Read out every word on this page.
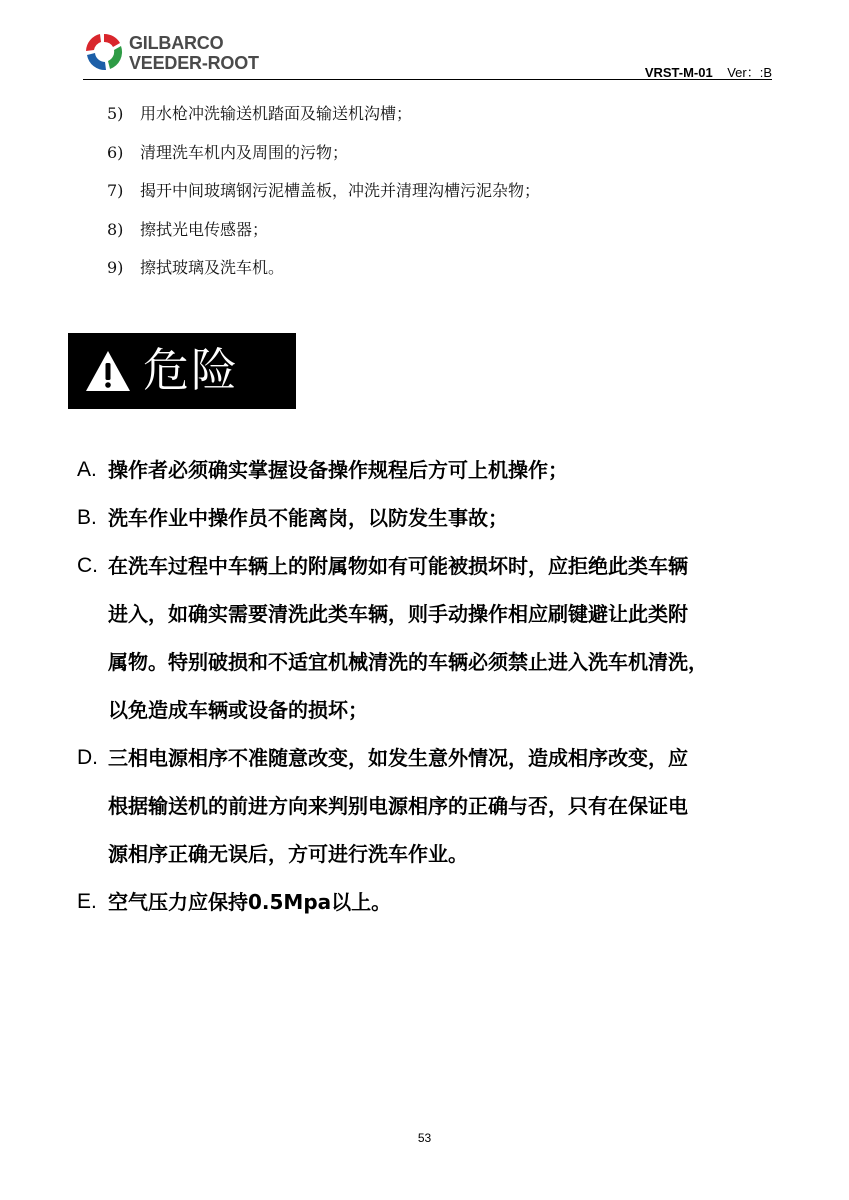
GILBARCO
VEEDER-ROOT	VRST-M-01 Ver：:B
5) 用水枪冲洗输送机踏面及输送机沟槽；
6) 清理洗车机内及周围的污物；
7) 揭开中间玻璃钢污泥槽盖板，冲洗并清理沟槽污泥杂物；
8) 擦拭光电传感器；
9) 擦拭玻璃及洗车机。
危险
A. 操作者必须确实掌握设备操作规程后方可上机操作；
B. 洗车作业中操作员不能离岗，以防发生事故；
C. 在洗车过程中车辆上的附属物如有可能被损坏时，应拒绝此类车辆
进入，如确实需要清洗此类车辆，则手动操作相应刷键避让此类附
属物。特别破损和不适宜机械清洗的车辆必须禁止进入洗车机清洗，
以免造成车辆或设备的损坏；
D. 三相电源相序不准随意改变，如发生意外情况，造成相序改变，应
根据输送机的前进方向来判别电源相序的正确与否，只有在保证电
源相序正确无误后，方可进行洗车作业。
E. 空气压力应保持0.5Mpa以上。
53
